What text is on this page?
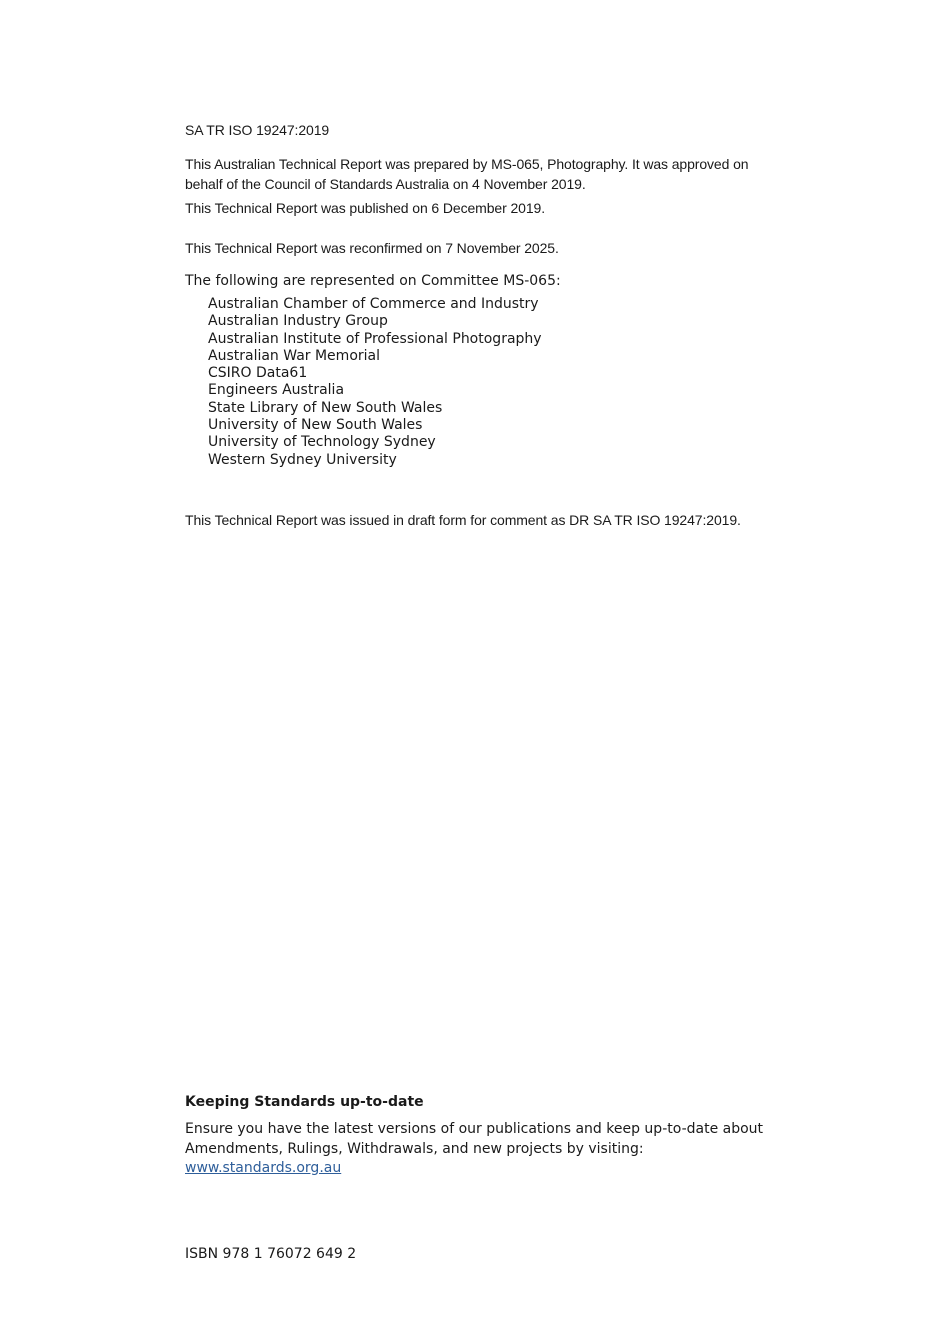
SA TR ISO 19247:2019

This Australian Technical Report was prepared by MS-065, Photography. It was approved on behalf of the Council of Standards Australia on 4 November 2019.

This Technical Report was published on 6 December 2019.

This Technical Report was reconfirmed on 7 November 2025.

The following are represented on Committee MS-065:

Australian Chamber of Commerce and Industry
Australian Industry Group
Australian Institute of Professional Photography
Australian War Memorial
CSIRO Data61
Engineers Australia
State Library of New South Wales
University of New South Wales
University of Technology Sydney
Western Sydney University

This Technical Report was issued in draft form for comment as DR SA TR ISO 19247:2019.

Keeping Standards up-to-date

Ensure you have the latest versions of our publications and keep up-to-date about Amendments, Rulings, Withdrawals, and new projects by visiting:
www.standards.org.au

ISBN 978 1 76072 649 2
